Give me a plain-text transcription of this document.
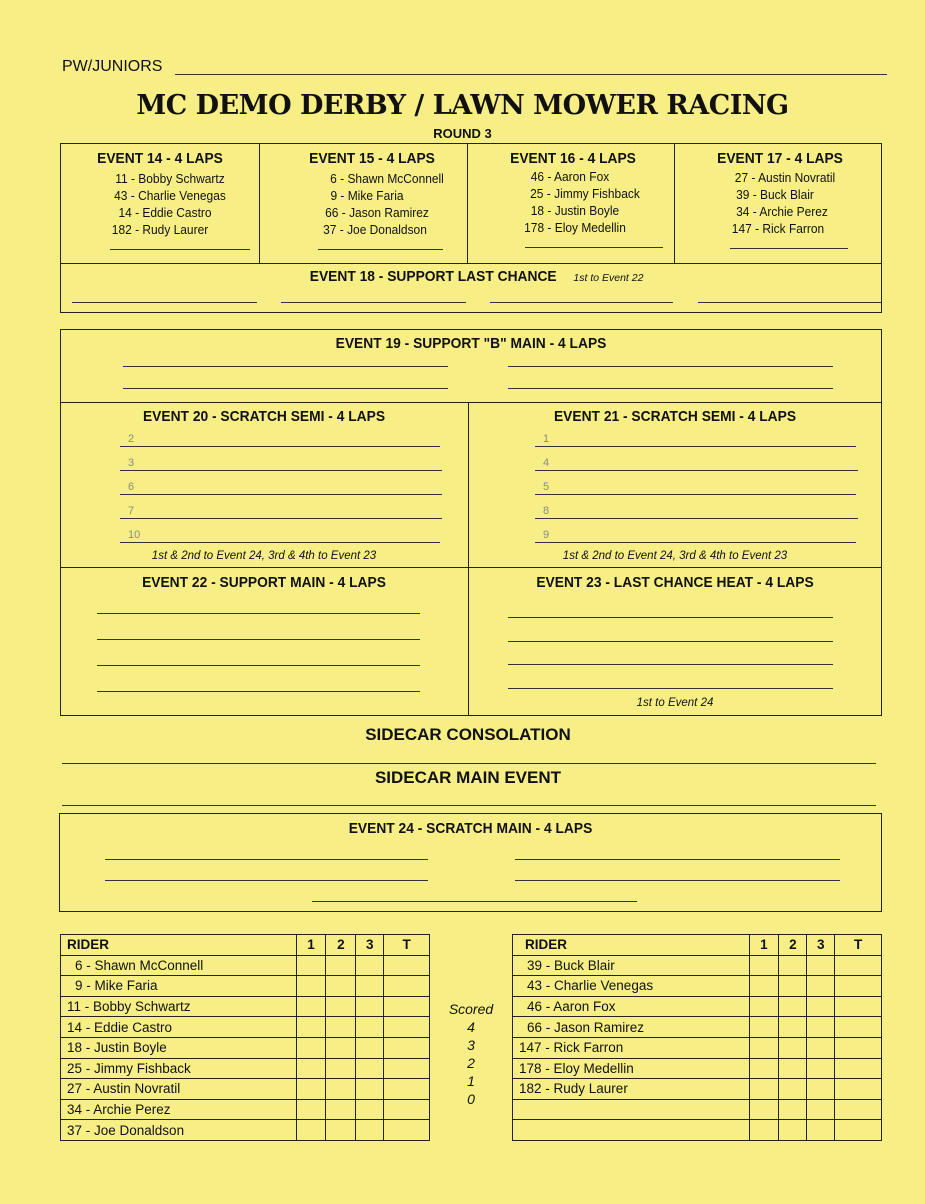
PW/JUNIORS
MC DEMO DERBY / LAWN MOWER RACING
ROUND 3
EVENT 14 - 4 LAPS
11 - Bobby Schwartz
43 - Charlie Venegas
14 - Eddie Castro
182 - Rudy Laurer
EVENT 15 - 4 LAPS
6 - Shawn McConnell
9 - Mike Faria
66 - Jason Ramirez
37 - Joe Donaldson
EVENT 16 - 4 LAPS
46 - Aaron Fox
25 - Jimmy Fishback
18 - Justin Boyle
178 - Eloy Medellin
EVENT 17 - 4 LAPS
27 - Austin Novratil
39 - Buck Blair
34 - Archie Perez
147 - Rick Farron
EVENT 18 - SUPPORT LAST CHANCE 1st to Event 22
EVENT 19 - SUPPORT "B" MAIN - 4 LAPS
EVENT 20 - SCRATCH SEMI - 4 LAPS
2
3
6
7
10
1st & 2nd to Event 24, 3rd & 4th to Event 23
EVENT 21 - SCRATCH SEMI - 4 LAPS
1
4
5
8
9
1st & 2nd to Event 24, 3rd & 4th to Event 23
EVENT 22 - SUPPORT MAIN - 4 LAPS	EVENT 23 - LAST CHANCE HEAT - 4 LAPS
1st to Event 24
SIDECAR CONSOLATION
SIDECAR MAIN EVENT
EVENT 24 - SCRATCH MAIN - 4 LAPS
RIDER	1	2	3	T
6 - Shawn McConnell				
9 - Mike Faria				
11 - Bobby Schwartz				
14 - Eddie Castro				
18 - Justin Boyle				
25 - Jimmy Fishback				
27 - Austin Novratil				
34 - Archie Perez				
37 - Joe Donaldson				
Scored
4
3
2
1
0
RIDER	1	2	3	T
39 - Buck Blair				
43 - Charlie Venegas				
46 - Aaron Fox				
66 - Jason Ramirez				
147 - Rick Farron				
178 - Eloy Medellin				
182 - Rudy Laurer				
